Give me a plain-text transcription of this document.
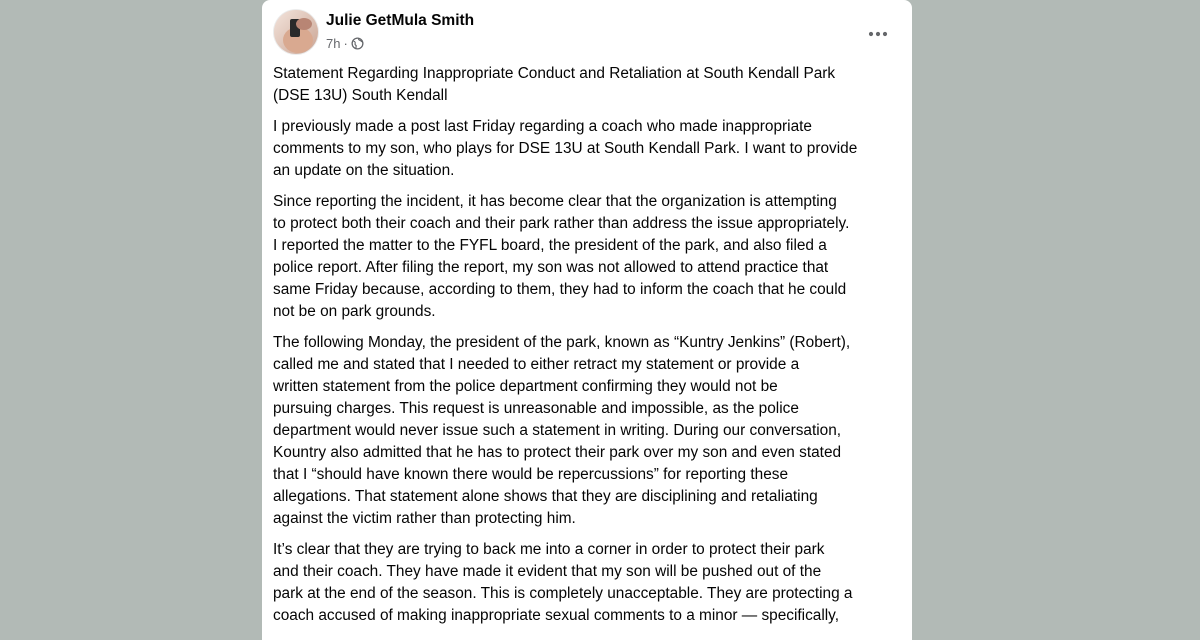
Julie GetMula Smith
7h ·

Statement Regarding Inappropriate Conduct and Retaliation at South Kendall Park
(DSE 13U) South Kendall

I previously made a post last Friday regarding a coach who made inappropriate
comments to my son, who plays for DSE 13U at South Kendall Park. I want to provide
an update on the situation.

Since reporting the incident, it has become clear that the organization is attempting
to protect both their coach and their park rather than address the issue appropriately.
I reported the matter to the FYFL board, the president of the park, and also filed a
police report. After filing the report, my son was not allowed to attend practice that
same Friday because, according to them, they had to inform the coach that he could
not be on park grounds.

The following Monday, the president of the park, known as “Kuntry Jenkins” (Robert),
called me and stated that I needed to either retract my statement or provide a
written statement from the police department confirming they would not be
pursuing charges. This request is unreasonable and impossible, as the police
department would never issue such a statement in writing. During our conversation,
Kountry also admitted that he has to protect their park over my son and even stated
that I “should have known there would be repercussions” for reporting these
allegations. That statement alone shows that they are disciplining and retaliating
against the victim rather than protecting him.

It’s clear that they are trying to back me into a corner in order to protect their park
and their coach. They have made it evident that my son will be pushed out of the
park at the end of the season. This is completely unacceptable. They are protecting a
coach accused of making inappropriate sexual comments to a minor — specifically,
